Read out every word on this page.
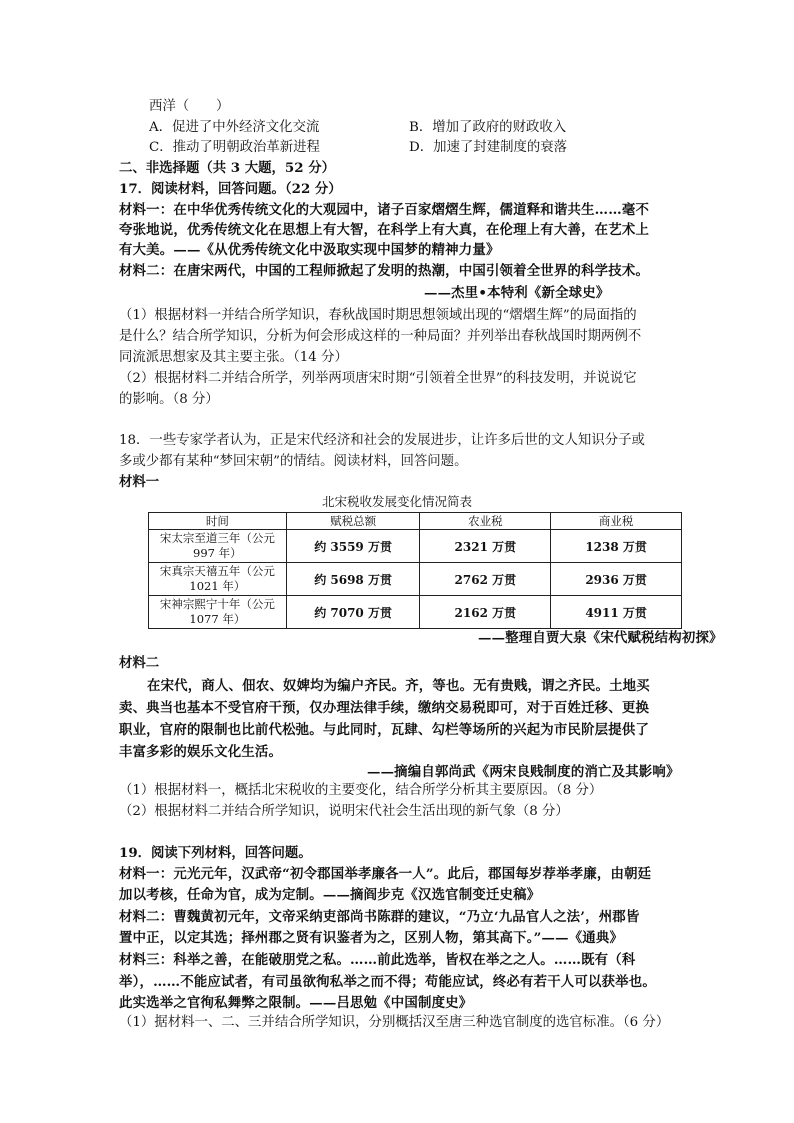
西洋（　　）
A．促进了中外经济文化交流	B．增加了政府的财政收入
C．推动了明朝政治革新进程	D．加速了封建制度的衰落
二、非选择题（共 3 大题，52 分）
17．阅读材料，回答问题。（22 分）
材料一：在中华优秀传统文化的大观园中，诸子百家熠熠生辉，儒道释和谐共生……毫不
夸张地说，优秀传统文化在思想上有大智，在科学上有大真，在伦理上有大善，在艺术上
有大美。——《从优秀传统文化中汲取实现中国梦的精神力量》
材料二：在唐宋两代，中国的工程师掀起了发明的热潮，中国引领着全世界的科学技术。
——杰里•本特利《新全球史》
（1）根据材料一并结合所学知识，春秋战国时期思想领域出现的“熠熠生辉”的局面指的
是什么？结合所学知识，分析为何会形成这样的一种局面？并列举出春秋战国时期两例不
同流派思想家及其主要主张。（14 分）
（2）根据材料二并结合所学，列举两项唐宋时期“引领着全世界”的科技发明，并说说它
的影响。（8 分）
18．一些专家学者认为，正是宋代经济和社会的发展进步，让许多后世的文人知识分子或
多或少都有某种“梦回宋朝”的情结。阅读材料，回答问题。
材料一
北宋税收发展变化情况简表
时间	赋税总额	农业税	商业税
宋太宗至道三年（公元
997 年）	约 3559 万贯	2321 万贯	1238 万贯
宋真宗天禧五年（公元
1021 年）	约 5698 万贯	2762 万贯	2936 万贯
宋神宗熙宁十年（公元
1077 年）	约 7070 万贯	2162 万贯	4911 万贯
——整理自贾大泉《宋代赋税结构初探》
材料二
在宋代，商人、佃农、奴婢均为编户齐民。齐，等也。无有贵贱，谓之齐民。土地买
卖、典当也基本不受官府干预，仅办理法律手续，缴纳交易税即可，对于百姓迁移、更换
职业，官府的限制也比前代松弛。与此同时，瓦肆、勾栏等场所的兴起为市民阶层提供了
丰富多彩的娱乐文化生活。
——摘编自郭尚武《两宋良贱制度的消亡及其影响》
（1）根据材料一，概括北宋税收的主要变化，结合所学分析其主要原因。（8 分）
（2）根据材料二并结合所学知识，说明宋代社会生活出现的新气象（8 分）
19．阅读下列材料，回答问题。
材料一：元光元年，汉武帝“初令郡国举孝廉各一人”。此后，郡国每岁荐举孝廉，由朝廷
加以考核，任命为官，成为定制。——摘阎步克《汉选官制变迁史稿》
材料二：曹魏黄初元年，文帝采纳吏部尚书陈群的建议，“乃立‘九品官人之法’，州郡皆
置中正，以定其选；择州郡之贤有识鉴者为之，区别人物，第其高下。”——《通典》
材料三：科举之善，在能破朋党之私。……前此选举，皆权在举之之人。……既有（科
举），……不能应试者，有司虽欲徇私举之而不得；苟能应试，终必有若干人可以获举也。
此实选举之官徇私舞弊之限制。——吕思勉《中国制度史》
（1）据材料一、二、三并结合所学知识，分别概括汉至唐三种选官制度的选官标准。（6 分）
